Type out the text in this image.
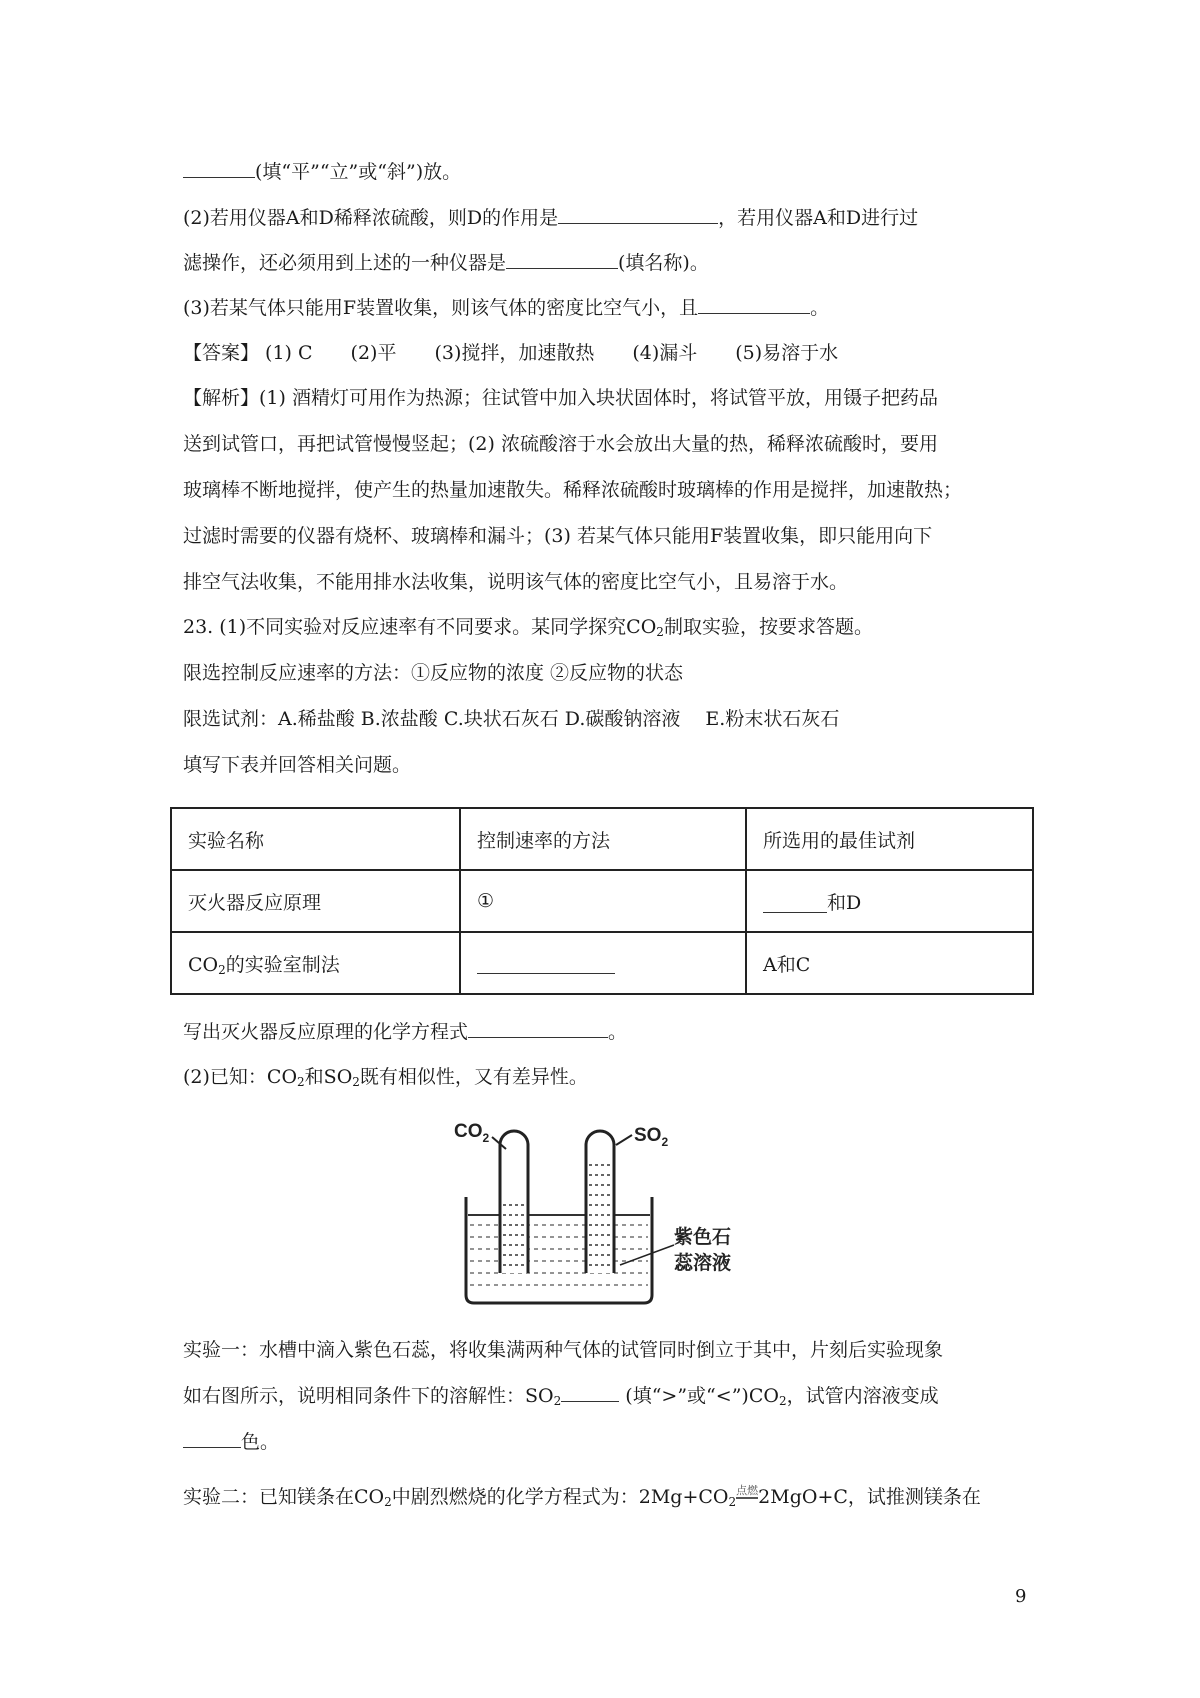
(填“平”“立”或“斜”)放。
(2)若用仪器A和D稀释浓硫酸，则D的作用是	，若用仪器A和D进行过
滤操作，还必须用到上述的一种仪器是	(填名称)。
(3)若某气体只能用F装置收集，则该气体的密度比空气小，且	。
【答案】 (1) C　　(2)平　　(3)搅拌，加速散热　　(4)漏斗　　(5)易溶于水
【解析】(1) 酒精灯可用作为热源；往试管中加入块状固体时，将试管平放，用镊子把药品
送到试管口，再把试管慢慢竖起；(2) 浓硫酸溶于水会放出大量的热，稀释浓硫酸时，要用
玻璃棒不断地搅拌，使产生的热量加速散失。稀释浓硫酸时玻璃棒的作用是搅拌，加速散热；
过滤时需要的仪器有烧杯、玻璃棒和漏斗；(3) 若某气体只能用F装置收集，即只能用向下
排空气法收集，不能用排水法收集，说明该气体的密度比空气小，且易溶于水。
23. (1)不同实验对反应速率有不同要求。某同学探究$CO_2$制取实验，按要求答题。
限选控制反应速率的方法：①反应物的浓度 ②反应物的状态
限选试剂：A.稀盐酸 B.浓盐酸 C.块状石灰石 D.碳酸钠溶液　 E.粉末状石灰石
填写下表并回答相关问题。
实验名称	控制速率的方法	所选用的最佳试剂
灭火器反应原理	①	和D
$CO_2$的实验室制法		A和C
写出灭火器反应原理的化学方程式	。
(2)已知：$CO_2$和$SO_2$既有相似性，又有差异性。
$CO_2$	$SO_2$
紫色石
蕊溶液
实验一：水槽中滴入紫色石蕊，将收集满两种气体的试管同时倒立于其中，片刻后实验现象
如右图所示，说明相同条件下的溶解性：$SO_2$	(填“>”或“$<”)CO_2$，试管内溶液变成
色。
实验二：已知镁条在$CO_2$中剧烈燃烧的化学方程式为：$2Mg+CO_2$点燃2MgO+C，试推测镁条在
9
